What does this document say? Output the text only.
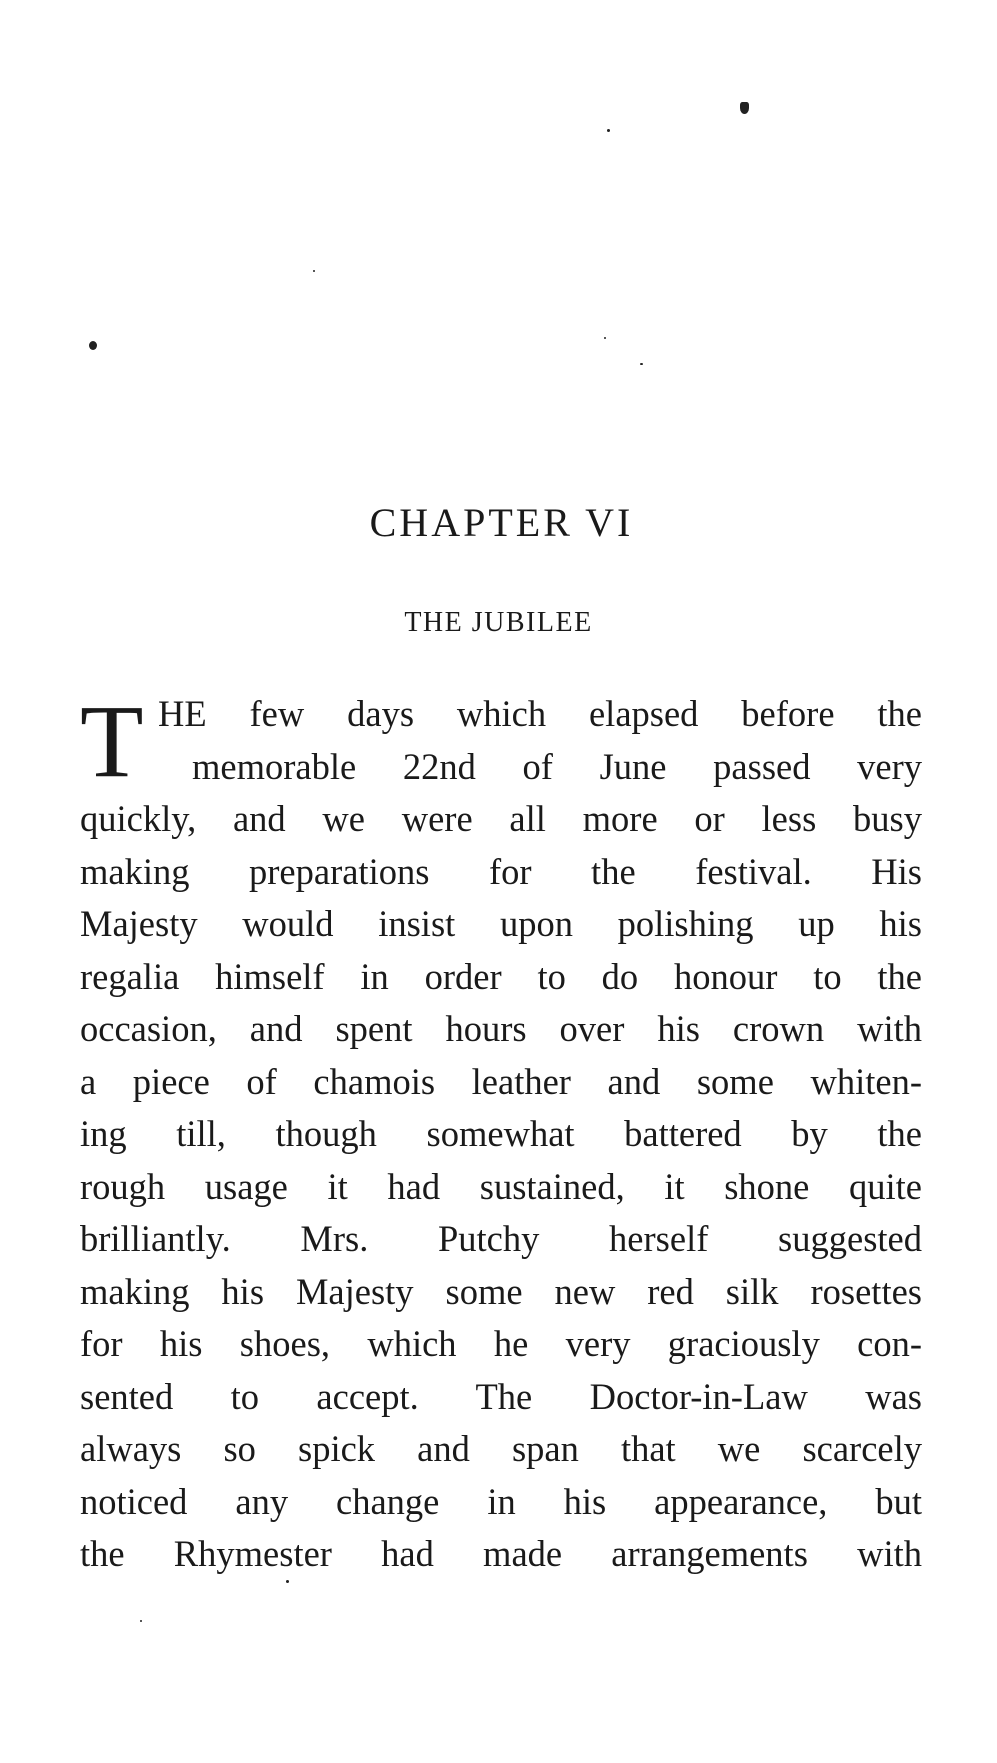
CHAPTER VI
THE JUBILEE
T HE few days which elapsed before the
memorable 22nd of June passed very
quickly, and we were all more or less busy
making preparations for the festival. His
Majesty would insist upon polishing up his
regalia himself in order to do honour to the
occasion, and spent hours over his crown with
a piece of chamois leather and some whiten-
ing till, though somewhat battered by the
rough usage it had sustained, it shone quite
brilliantly. Mrs. Putchy herself suggested
making his Majesty some new red silk rosettes
for his shoes, which he very graciously con-
sented to accept. The Doctor-in-Law was
always so spick and span that we scarcely
noticed any change in his appearance, but
the Rhymester had made arrangements with
